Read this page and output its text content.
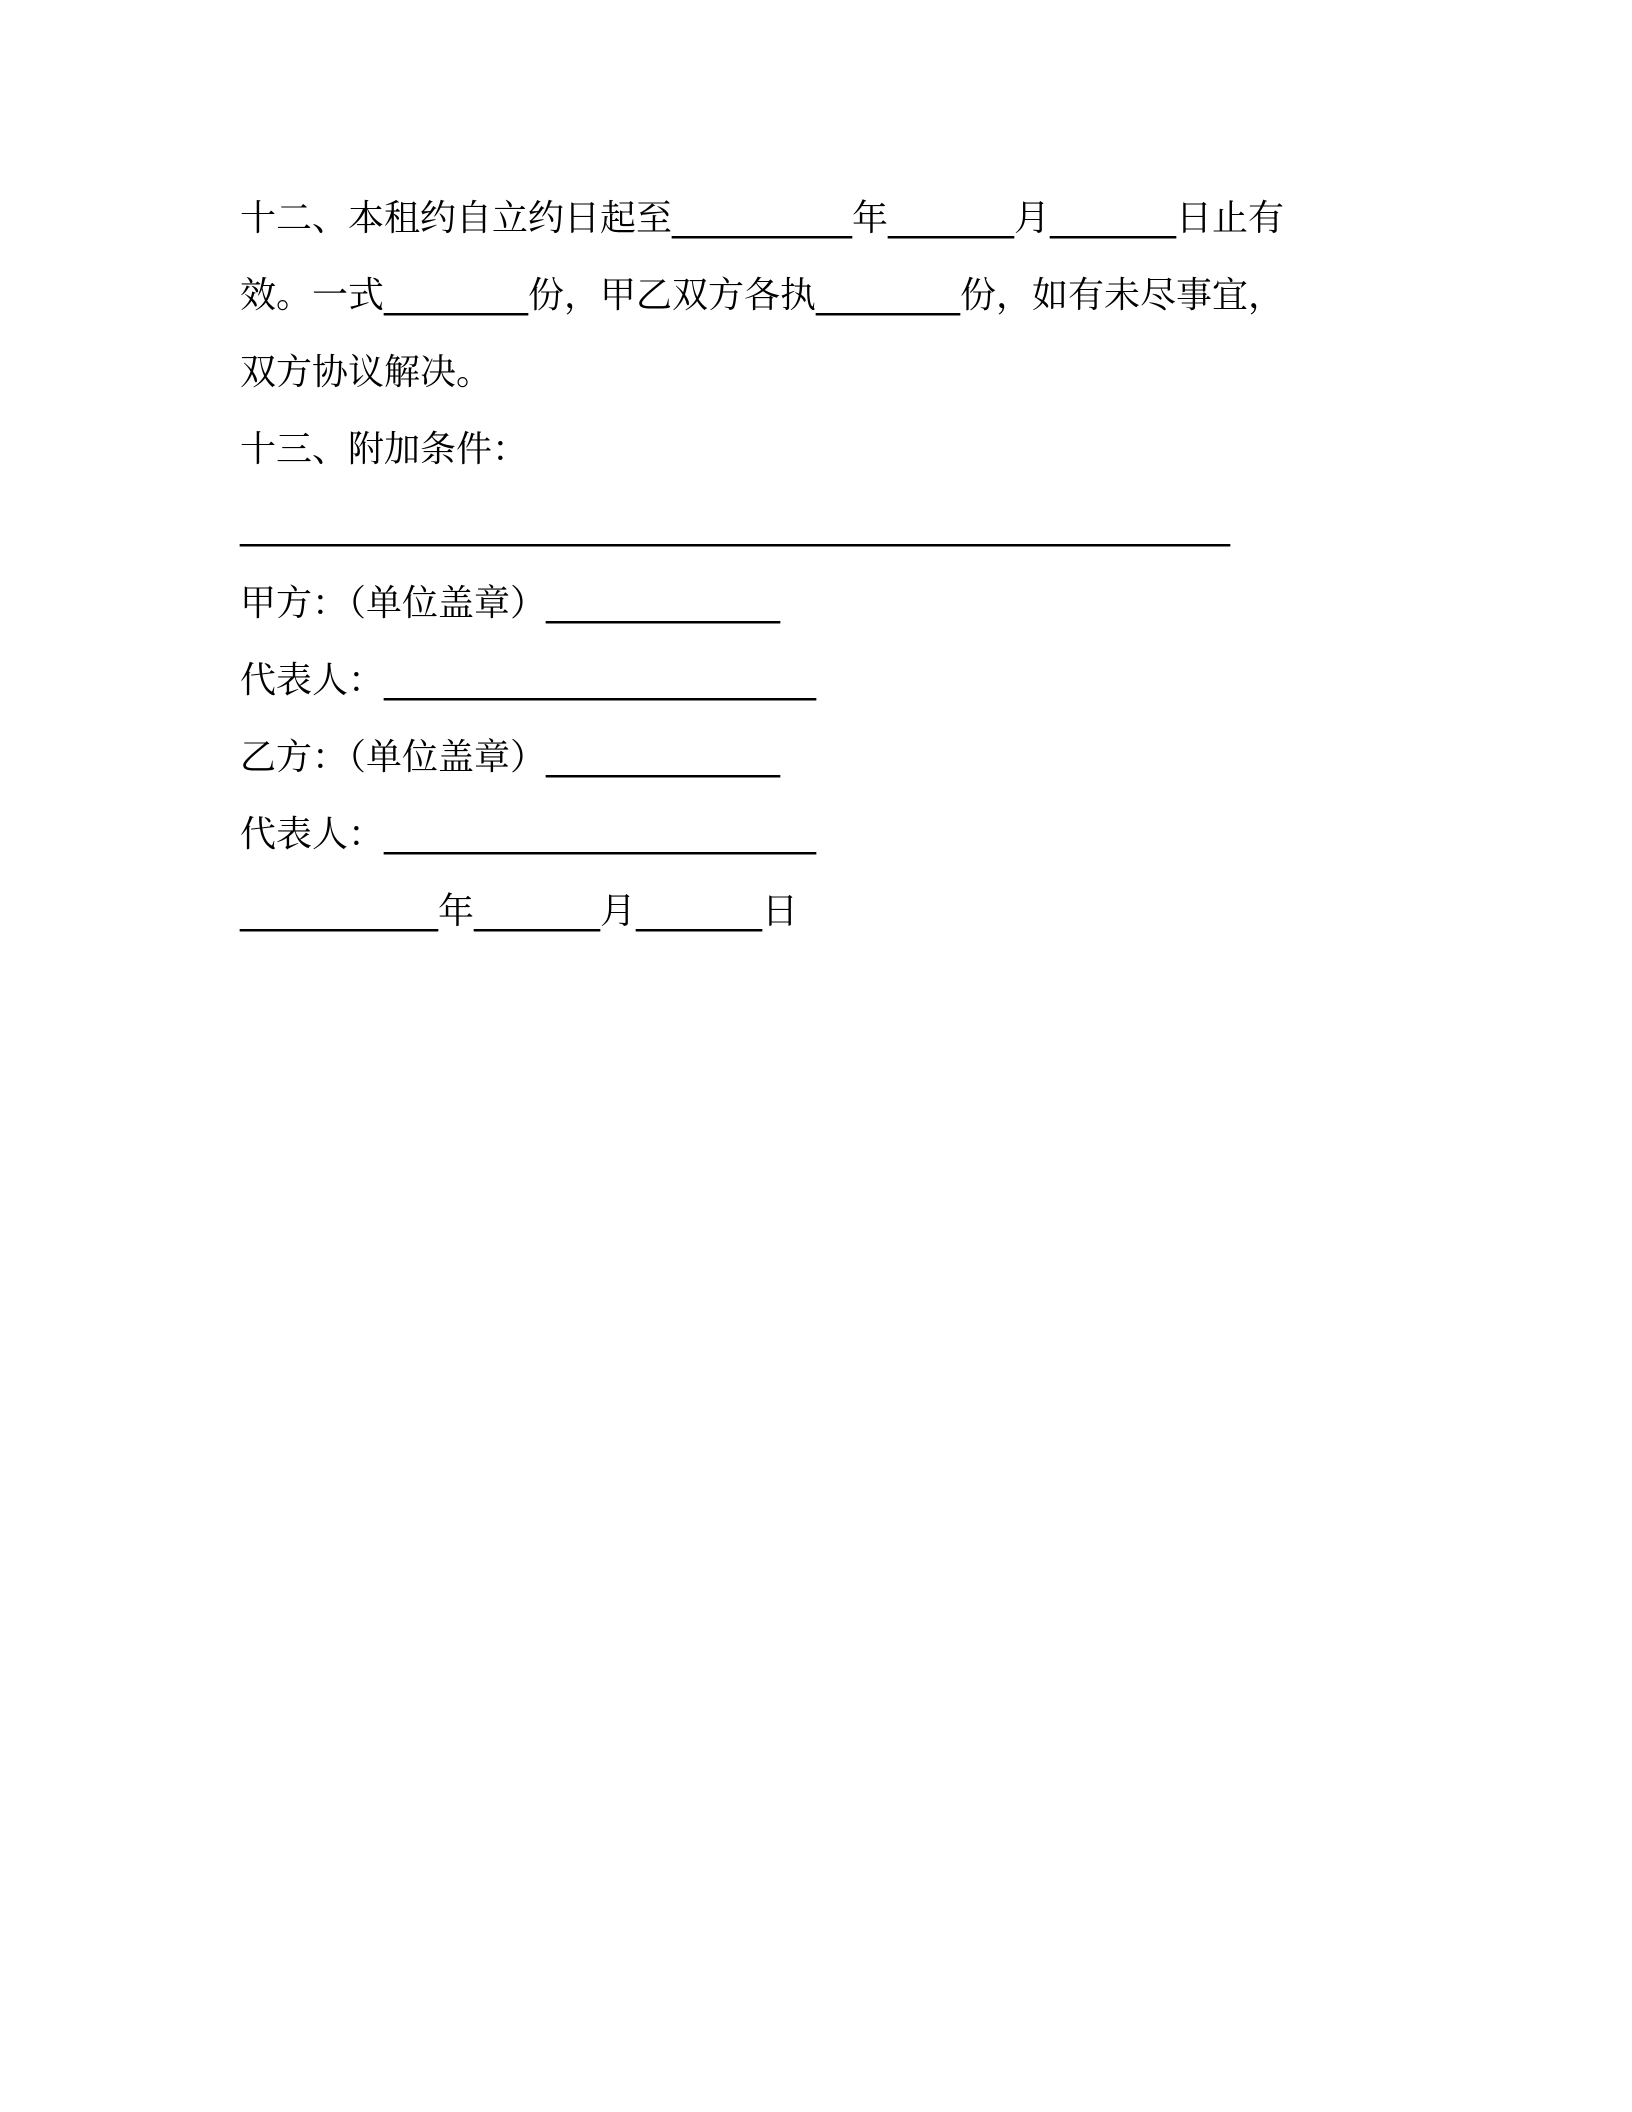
十二、本租约自立约日起至__________年_______月_______日止有
效。一式________份，甲乙双方各执________份，如有未尽事宜，
双方协议解决。
十三、附加条件：
_______________________________________________________
甲方：（单位盖章）_____________
代表人：________________________
乙方：（单位盖章）_____________
代表人：________________________
___________年_______月_______日
